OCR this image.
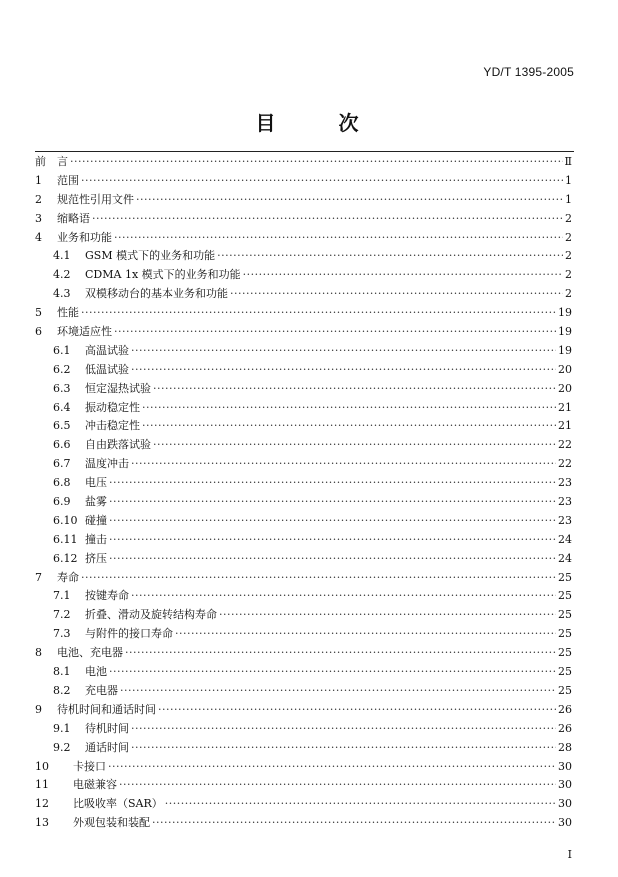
YD/T 1395-2005
目 次
前	言 ·····	Ⅱ
1	范围 ·····	1
2	规范性引用文件 ·····	1
3	缩略语 ·····	2
4	业务和功能 ·····	2
4.1	GSM 模式下的业务和功能 ·····	2
4.2	CDMA 1x 模式下的业务和功能 ·····	2
4.3	双模移动台的基本业务和功能 ·····	2
5	性能 ·····	19
6	环境适应性 ·····	19
6.1	高温试验 ·····	19
6.2	低温试验 ·····	20
6.3	恒定湿热试验 ·····	20
6.4	振动稳定性 ·····	21
6.5	冲击稳定性 ·····	21
6.6	自由跌落试验 ·····	22
6.7	温度冲击 ·····	22
6.8	电压 ·····	23
6.9	盐雾 ·····	23
6.10 碰撞 ·····	23
6.11 撞击 ·····	24
6.12 挤压 ·····	24
7	寿命 ·····	25
7.1	按键寿命 ·····	25
7.2	折叠、滑动及旋转结构寿命 ·····	25
7.3	与附件的接口寿命 ·····	25
8	电池、充电器 ·····	25
8.1	电池 ·····	25
8.2	充电器 ·····	25
9	待机时间和通话时间 ·····	26
9.1	待机时间 ·····	26
9.2	通话时间 ·····	28
10	卡接口 ·····	30
11	电磁兼容 ·····	30
12	比吸收率（SAR） ·····	30
13	外观包装和装配 ·····	30
I
